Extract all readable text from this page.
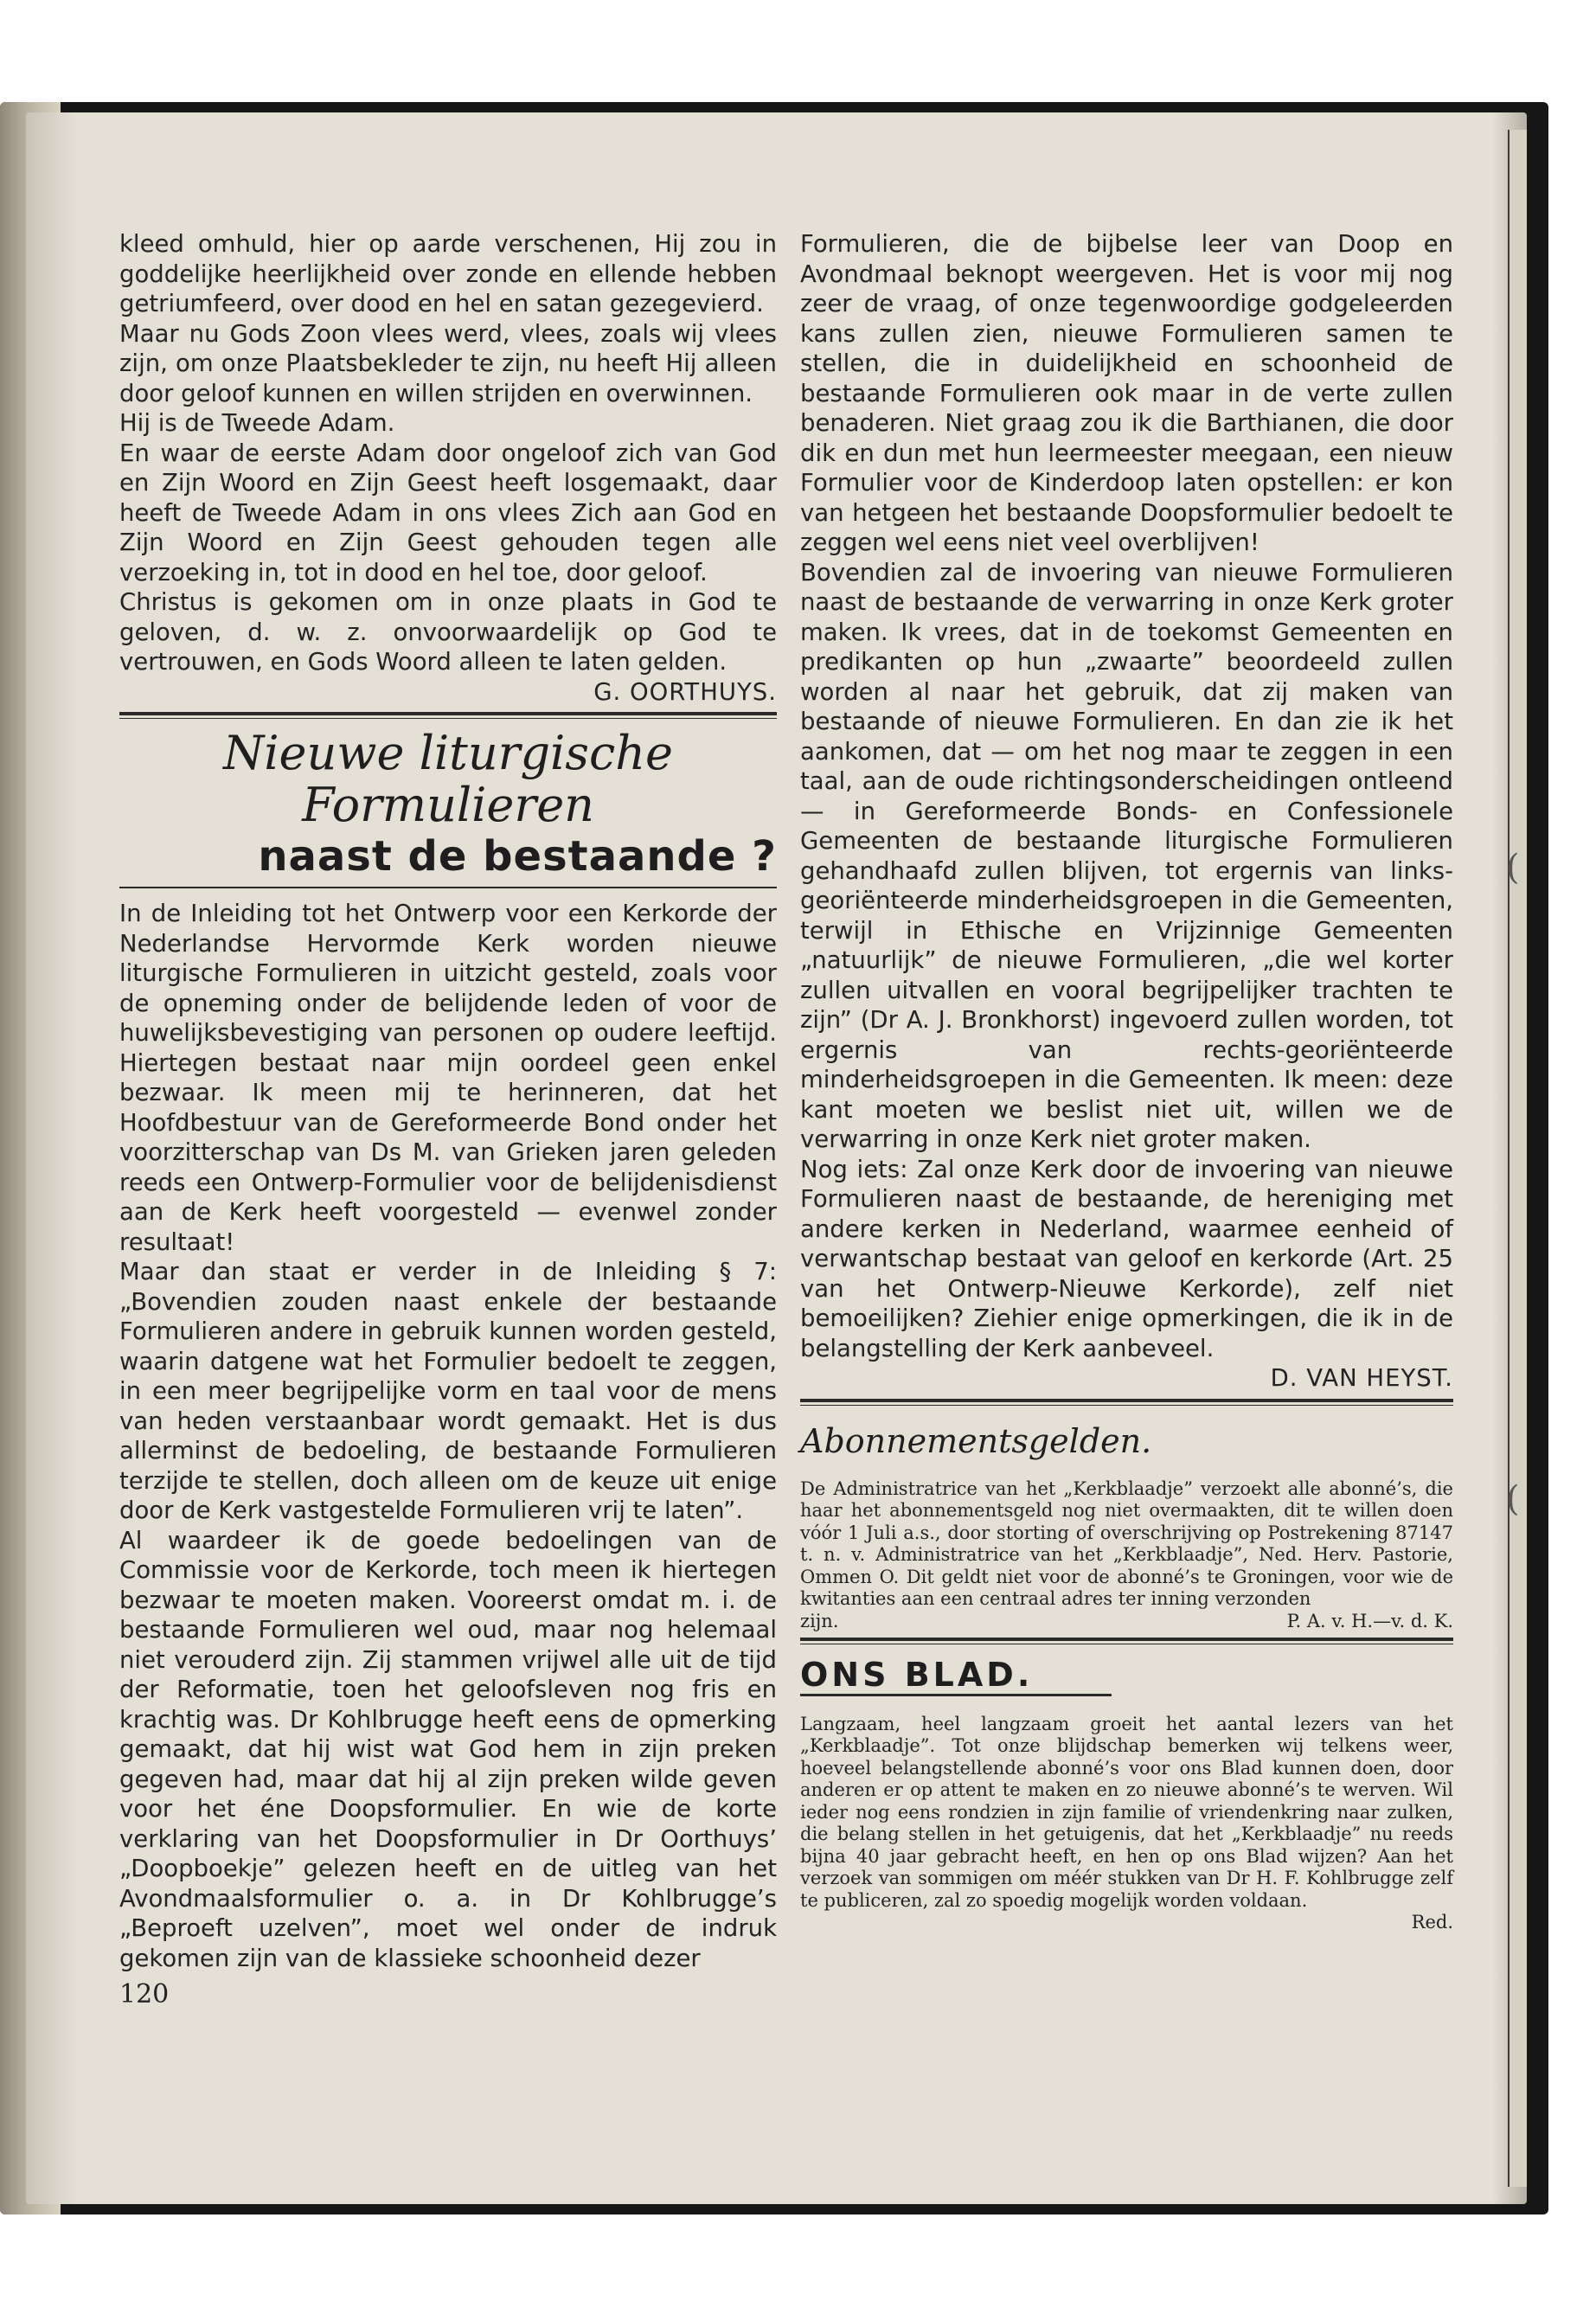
(
(

kleed omhuld, hier op aarde verschenen, Hij zou in goddelijke heerlijkheid over zonde en ellende hebben getriumfeerd, over dood en hel en satan gezegevierd.

Maar nu Gods Zoon vlees werd, vlees, zoals wij vlees zijn, om onze Plaatsbekleder te zijn, nu heeft Hij alleen door geloof kunnen en willen strijden en overwinnen.

Hij is de Tweede Adam.

En waar de eerste Adam door ongeloof zich van God en Zijn Woord en Zijn Geest heeft losgemaakt, daar heeft de Tweede Adam in ons vlees Zich aan God en Zijn Woord en Zijn Geest gehouden tegen alle verzoeking in, tot in dood en hel toe, door geloof.

Christus is gekomen om in onze plaats in God te geloven, d. w. z. onvoorwaardelijk op God te vertrouwen, en Gods Woord alleen te laten gelden.

G. OORTHUYS.

Nieuwe liturgische Formulieren

naast de bestaande ?

In de Inleiding tot het Ontwerp voor een Kerkorde der Nederlandse Hervormde Kerk worden nieuwe liturgische Formulieren in uitzicht gesteld, zoals voor de opneming onder de belijdende leden of voor de huwelijksbevestiging van personen op oudere leeftijd. Hiertegen bestaat naar mijn oordeel geen enkel bezwaar. Ik meen mij te herinneren, dat het Hoofdbestuur van de Gereformeerde Bond onder het voorzitterschap van Ds M. van Grieken jaren geleden reeds een Ontwerp-Formulier voor de belijdenisdienst aan de Kerk heeft voorgesteld — evenwel zonder resultaat!

Maar dan staat er verder in de Inleiding § 7: „Bovendien zouden naast enkele der bestaande Formulieren andere in gebruik kunnen worden gesteld, waarin datgene wat het Formulier bedoelt te zeggen, in een meer begrijpelijke vorm en taal voor de mens van heden verstaanbaar wordt gemaakt. Het is dus allerminst de bedoeling, de bestaande Formulieren terzijde te stellen, doch alleen om de keuze uit enige door de Kerk vastgestelde Formulieren vrij te laten”.

Al waardeer ik de goede bedoelingen van de Commissie voor de Kerkorde, toch meen ik hiertegen bezwaar te moeten maken. Vooreerst omdat m. i. de bestaande Formulieren wel oud, maar nog helemaal niet verouderd zijn. Zij stammen vrijwel alle uit de tijd der Reformatie, toen het geloofsleven nog fris en krachtig was. Dr Kohlbrugge heeft eens de opmerking gemaakt, dat hij wist wat God hem in zijn preken gegeven had, maar dat hij al zijn preken wilde geven voor het éne Doopsformulier. En wie de korte verklaring van het Doopsformulier in Dr Oorthuys’ „Doopboekje” gelezen heeft en de uitleg van het Avondmaalsformulier o. a. in Dr Kohlbrugge’s „Beproeft uzelven”, moet wel onder de indruk gekomen zijn van de klassieke schoonheid dezer

120

Formulieren, die de bijbelse leer van Doop en Avondmaal beknopt weergeven. Het is voor mij nog zeer de vraag, of onze tegenwoordige godgeleerden kans zullen zien, nieuwe Formulieren samen te stellen, die in duidelijkheid en schoonheid de bestaande Formulieren ook maar in de verte zullen benaderen. Niet graag zou ik die Barthianen, die door dik en dun met hun leermeester meegaan, een nieuw Formulier voor de Kinderdoop laten opstellen: er kon van hetgeen het bestaande Doopsformulier bedoelt te zeggen wel eens niet veel overblijven!

Bovendien zal de invoering van nieuwe Formulieren naast de bestaande de verwarring in onze Kerk groter maken. Ik vrees, dat in de toekomst Gemeenten en predikanten op hun „zwaarte” beoordeeld zullen worden al naar het gebruik, dat zij maken van bestaande of nieuwe Formulieren. En dan zie ik het aankomen, dat — om het nog maar te zeggen in een taal, aan de oude richtingsonderscheidingen ontleend — in Gereformeerde Bonds- en Confessionele Gemeenten de bestaande liturgische Formulieren gehandhaafd zullen blijven, tot ergernis van links-georiënteerde minderheidsgroepen in die Gemeenten, terwijl in Ethische en Vrijzinnige Gemeenten „natuurlijk” de nieuwe Formulieren, „die wel korter zullen uitvallen en vooral begrijpelijker trachten te zijn” (Dr A. J. Bronkhorst) ingevoerd zullen worden, tot ergernis van rechts-georiënteerde minderheidsgroepen in die Gemeenten. Ik meen: deze kant moeten we beslist niet uit, willen we de verwarring in onze Kerk niet groter maken.

Nog iets: Zal onze Kerk door de invoering van nieuwe Formulieren naast de bestaande, de hereniging met andere kerken in Nederland, waarmee eenheid of verwantschap bestaat van geloof en kerkorde (Art. 25 van het Ontwerp-Nieuwe Kerkorde), zelf niet bemoeilijken? Ziehier enige opmerkingen, die ik in de belangstelling der Kerk aanbeveel.

D. VAN HEYST.

Abonnementsgelden.

De Administratrice van het „Kerkblaadje” verzoekt alle abonné’s, die haar het abonnementsgeld nog niet overmaakten, dit te willen doen vóór 1 Juli a.s., door storting of overschrijving op Postrekening 87147 t. n. v. Administratrice van het „Kerkblaadje”, Ned. Herv. Pastorie, Ommen O. Dit geldt niet voor de abonné’s te Groningen, voor wie de kwitanties aan een centraal adres ter inning verzonden

zijn.	P. A. v. H.—v. d. K.

ONS BLAD.

Langzaam, heel langzaam groeit het aantal lezers van het „Kerkblaadje”. Tot onze blijdschap bemerken wij telkens weer, hoeveel belangstellende abonné’s voor ons Blad kunnen doen, door anderen er op attent te maken en zo nieuwe abonné’s te werven. Wil ieder nog eens rondzien in zijn familie of vriendenkring naar zulken, die belang stellen in het getuigenis, dat het „Kerkblaadje” nu reeds bijna 40 jaar gebracht heeft, en hen op ons Blad wijzen? Aan het verzoek van sommigen om méér stukken van Dr H. F. Kohlbrugge zelf te publiceren, zal zo spoedig mogelijk worden voldaan.

Red.
